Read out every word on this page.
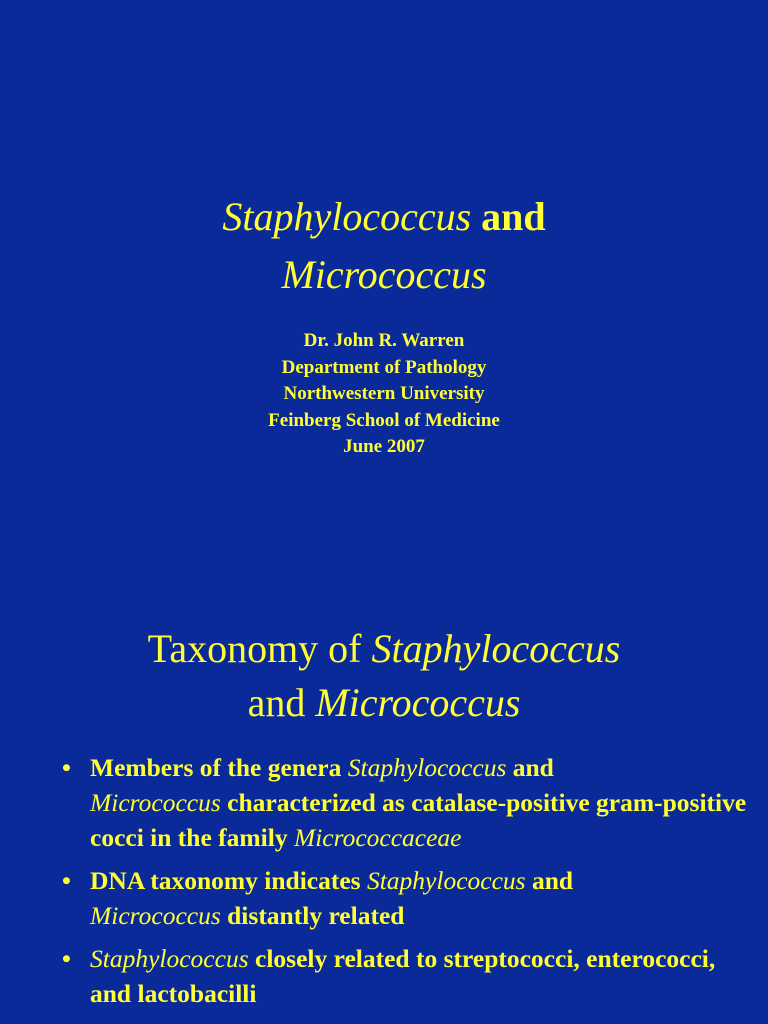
Staphylococcus and
Micrococcus
Dr. John R. Warren
Department of Pathology
Northwestern University
Feinberg School of Medicine
June 2007
Taxonomy of Staphylococcus
and Micrococcus
• Members of the genera Staphylococcus and
Micrococcus characterized as catalase-positive gram-positive cocci in the family Micrococcaceae
• DNA taxonomy indicates Staphylococcus and
Micrococcus distantly related
• Staphylococcus closely related to streptococci, enterococci, and lactobacilli
